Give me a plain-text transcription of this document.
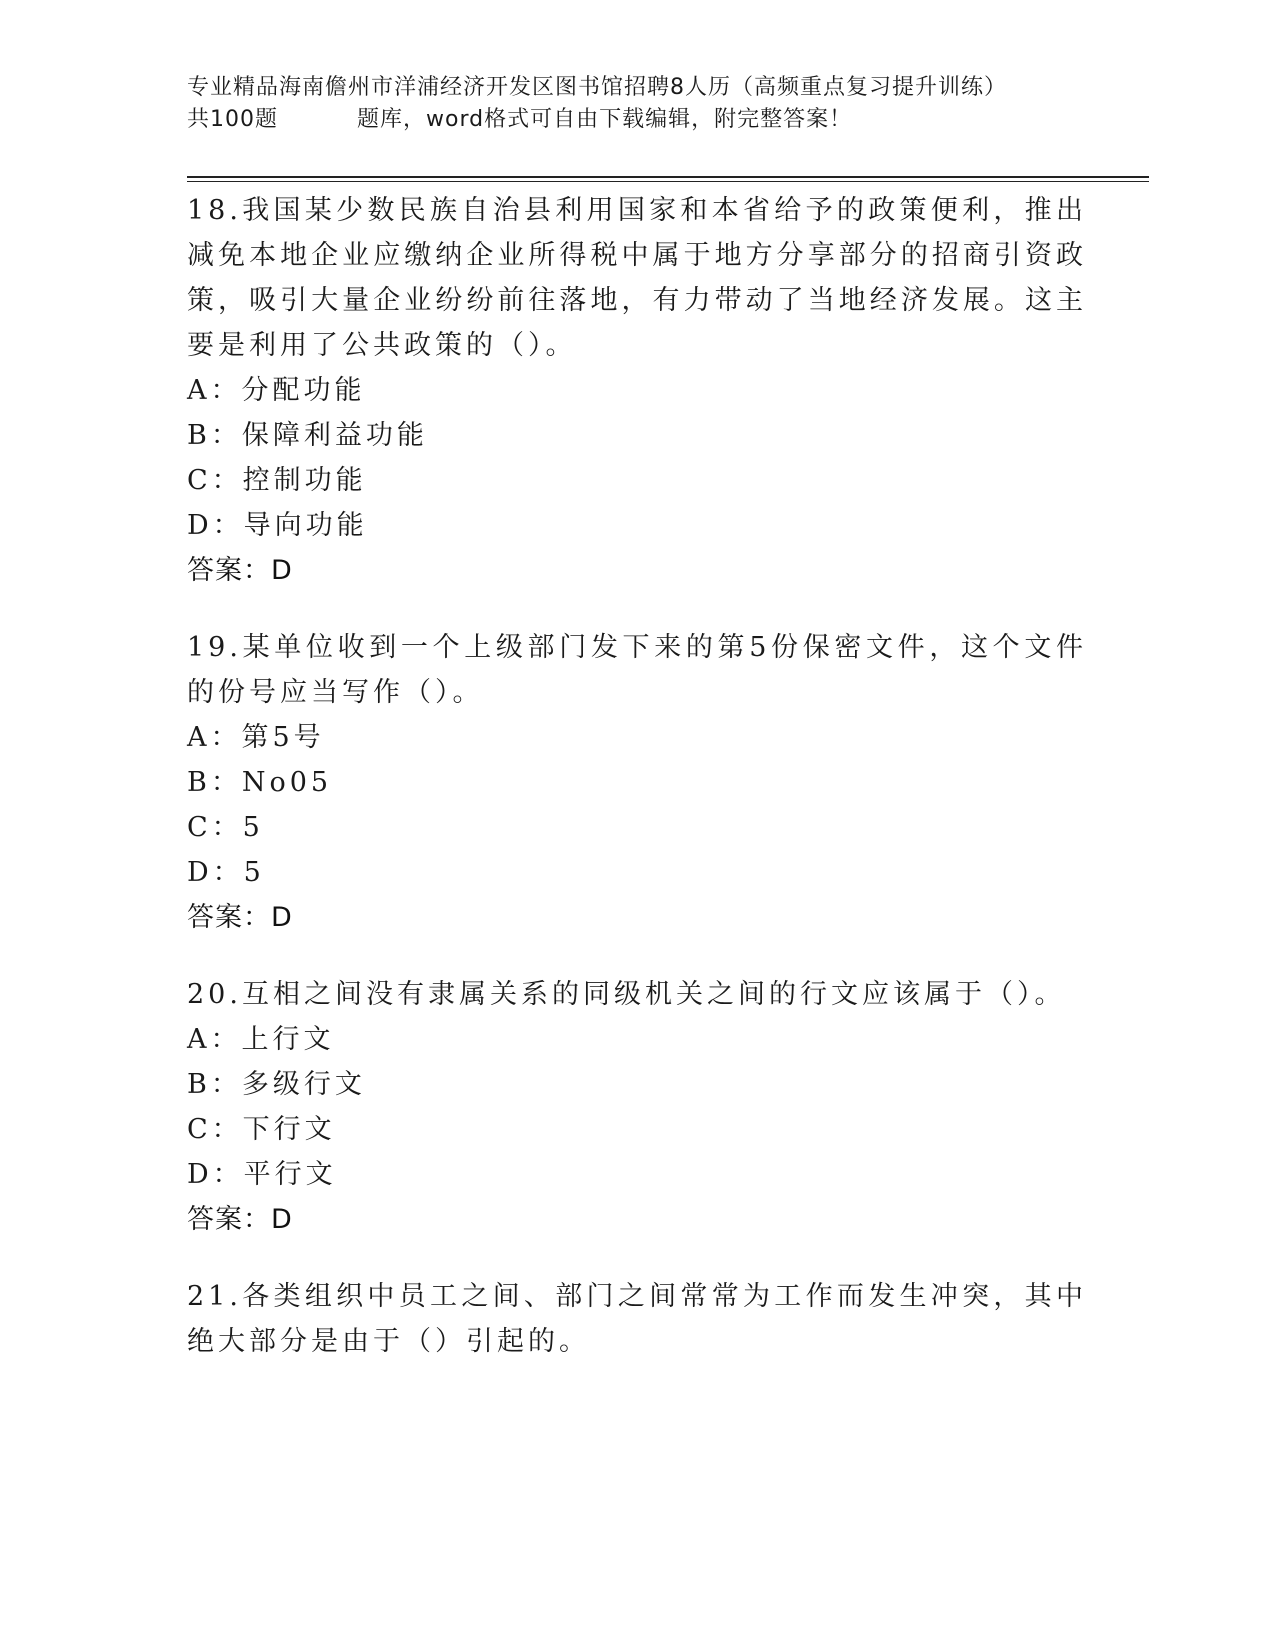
专业精品海南儋州市洋浦经济开发区图书馆招聘8人历（高频重点复习提升训练）
共100题	题库，word格式可自由下载编辑，附完整答案！
18.我国某少数民族自治县利用国家和本省给予的政策便利，推出减免本地企业应缴纳企业所得税中属于地方分享部分的招商引资政策，吸引大量企业纷纷前往落地，有力带动了当地经济发展。这主要是利用了公共政策的（）。
A：分配功能
B：保障利益功能
C：控制功能
D：导向功能
答案：D
19.某单位收到一个上级部门发下来的第5份保密文件，这个文件的份号应当写作（）。
A：第5号
B：No05
C：5
D：5
答案：D
20.互相之间没有隶属关系的同级机关之间的行文应该属于（）。
A：上行文
B：多级行文
C：下行文
D：平行文
答案：D
21.各类组织中员工之间、部门之间常常为工作而发生冲突，其中绝大部分是由于（）引起的。
